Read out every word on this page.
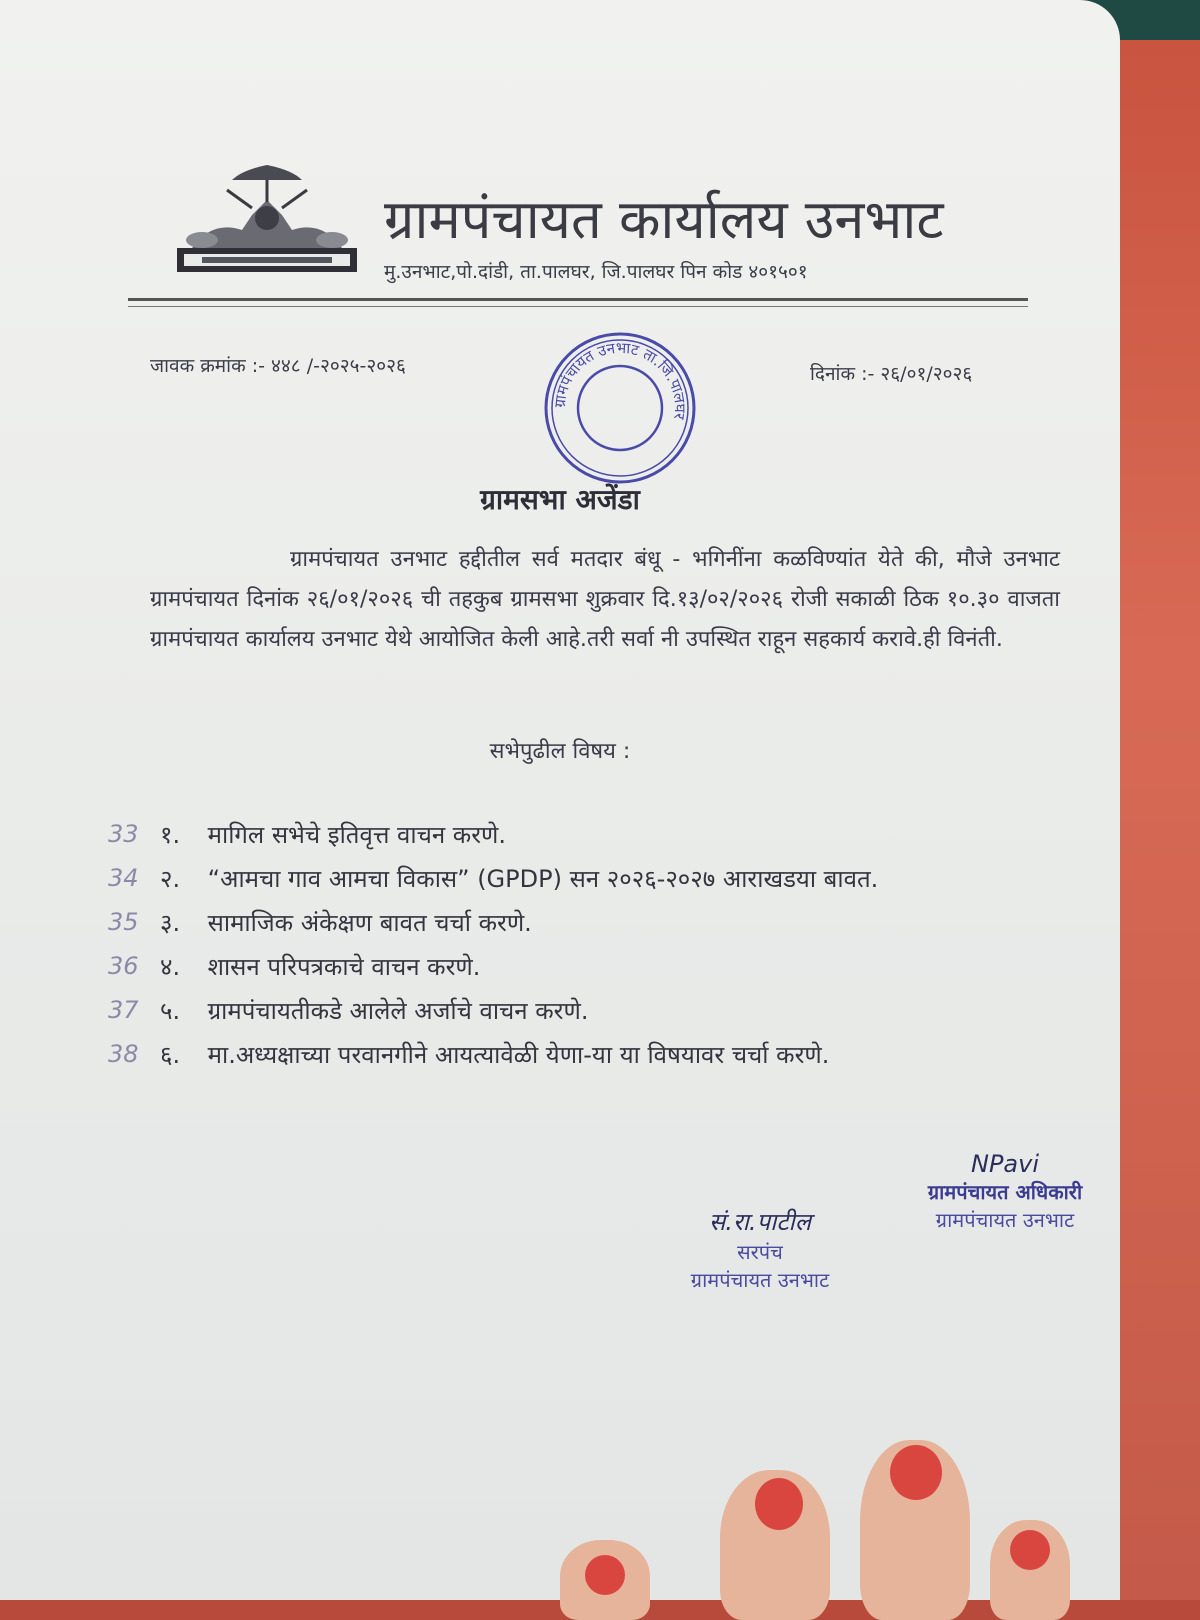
ग्रामपंचायत कार्यालय उनभाट
मु.उनभाट,पो.दांडी, ता.पालघर, जि.पालघर पिन कोड ४०१५०१
जावक क्रमांक :- ४४८ /-२०२५-२०२६	दिनांक :- २६/०१/२०२६
ग्रामपंचायत उनभाट ता.जि.पालघर
ग्रामसभा अजेंडा
ग्रामपंचायत उनभाट हद्दीतील सर्व मतदार बंधू - भगिनींना कळविण्यांत येते की, मौजे उनभाट ग्रामपंचायत दिनांक २६/०१/२०२६ ची तहकुब ग्रामसभा शुक्रवार दि.१३/०२/२०२६ रोजी सकाळी ठिक १०.३० वाजता ग्रामपंचायत कार्यालय उनभाट येथे आयोजित केली आहे.तरी सर्वा नी उपस्थित राहून सहकार्य करावे.ही विनंती.
सभेपुढील विषय :
33 १. मागिल सभेचे इतिवृत्त वाचन करणे.
34 २. “आमचा गाव आमचा विकास” (GPDP) सन २०२६-२०२७ आराखडया बावत.
35 ३. सामाजिक अंकेक्षण बावत चर्चा करणे.
36 ४. शासन परिपत्रकाचे वाचन करणे.
37 ५. ग्रामपंचायतीकडे आलेले अर्जाचे वाचन करणे.
38 ६. मा.अध्यक्षाच्या परवानगीने आयत्यावेळी येणा-या या विषयावर चर्चा करणे.
सं.रा.पाटील
सरपंच
ग्रामपंचायत उनभाट
NPavi
ग्रामपंचायत अधिकारी
ग्रामपंचायत उनभाट
